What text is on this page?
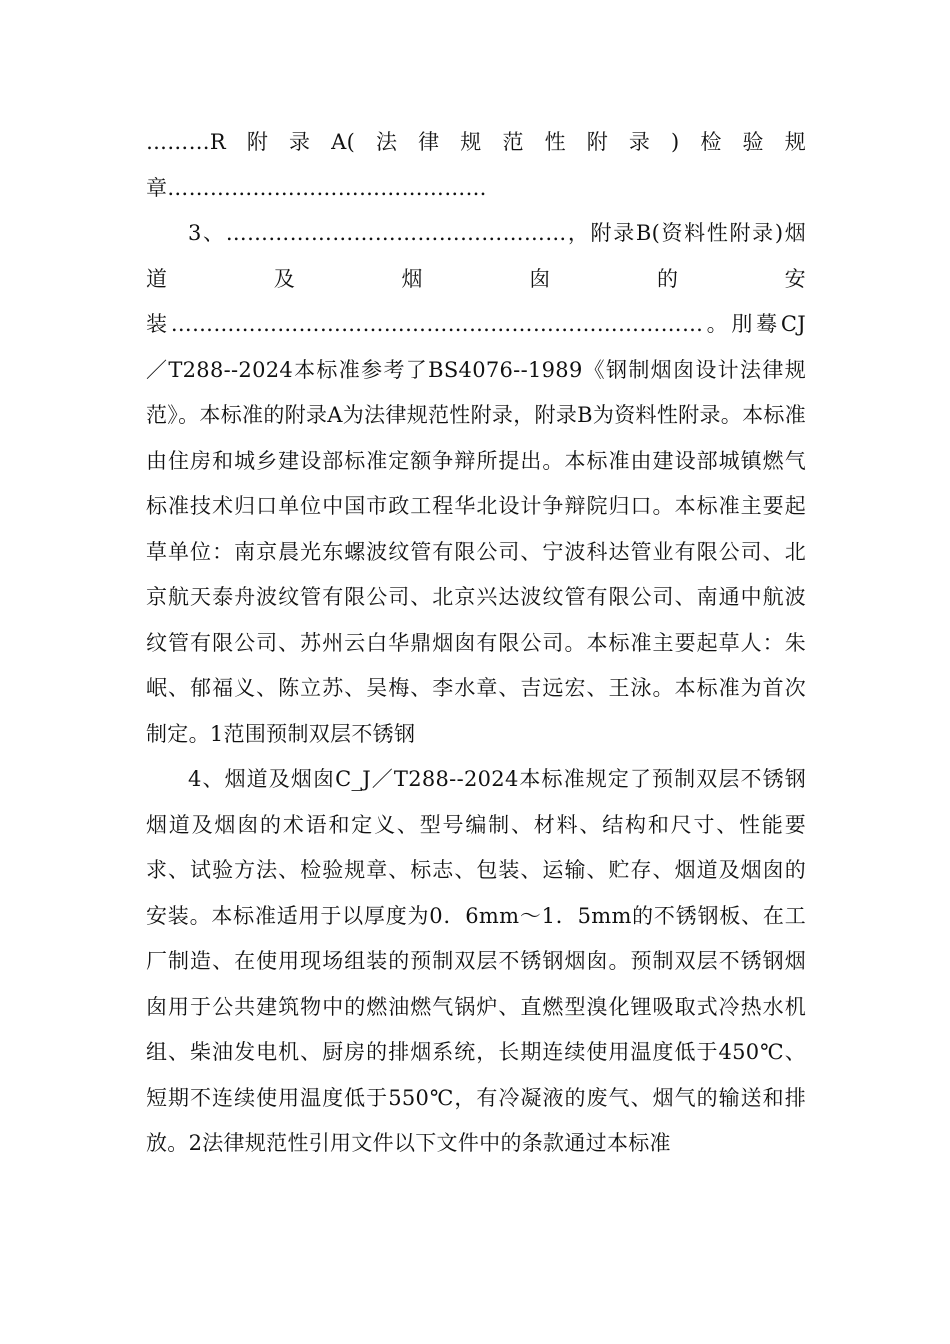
………R附录A(法律规范性附录)检验规章………………………………………

3、…………………………………………，附录B(资料性附录)烟道及烟囱的安装…………………………………………………………………。刖蓦CJ／T288--2024本标准参考了BS4076--1989《钢制烟囱设计法律规范》。本标准的附录A为法律规范性附录，附录B为资料性附录。本标准由住房和城乡建设部标准定额争辩所提出。本标准由建设部城镇燃气标准技术归口单位中国市政工程华北设计争辩院归口。本标准主要起草单位：南京晨光东螺波纹管有限公司、宁波科达管业有限公司、北京航天泰舟波纹管有限公司、北京兴达波纹管有限公司、南通中航波纹管有限公司、苏州云白华鼎烟囱有限公司。本标准主要起草人：朱岷、郁福义、陈立苏、吴梅、李水章、吉远宏、王泳。本标准为首次制定。1范围预制双层不锈钢

4、烟道及烟囱C_J／T288--2024本标准规定了预制双层不锈钢烟道及烟囱的术语和定义、型号编制、材料、结构和尺寸、性能要求、试验方法、检验规章、标志、包装、运输、贮存、烟道及烟囱的安装。本标准适用于以厚度为0．6mm～1．5mm的不锈钢板、在工厂制造、在使用现场组装的预制双层不锈钢烟囱。预制双层不锈钢烟囱用于公共建筑物中的燃油燃气锅炉、直燃型溴化锂吸取式冷热水机组、柴油发电机、厨房的排烟系统，长期连续使用温度低于450℃、短期不连续使用温度低于550℃，有冷凝液的废气、烟气的输送和排放。2法律规范性引用文件以下文件中的条款通过本标准
